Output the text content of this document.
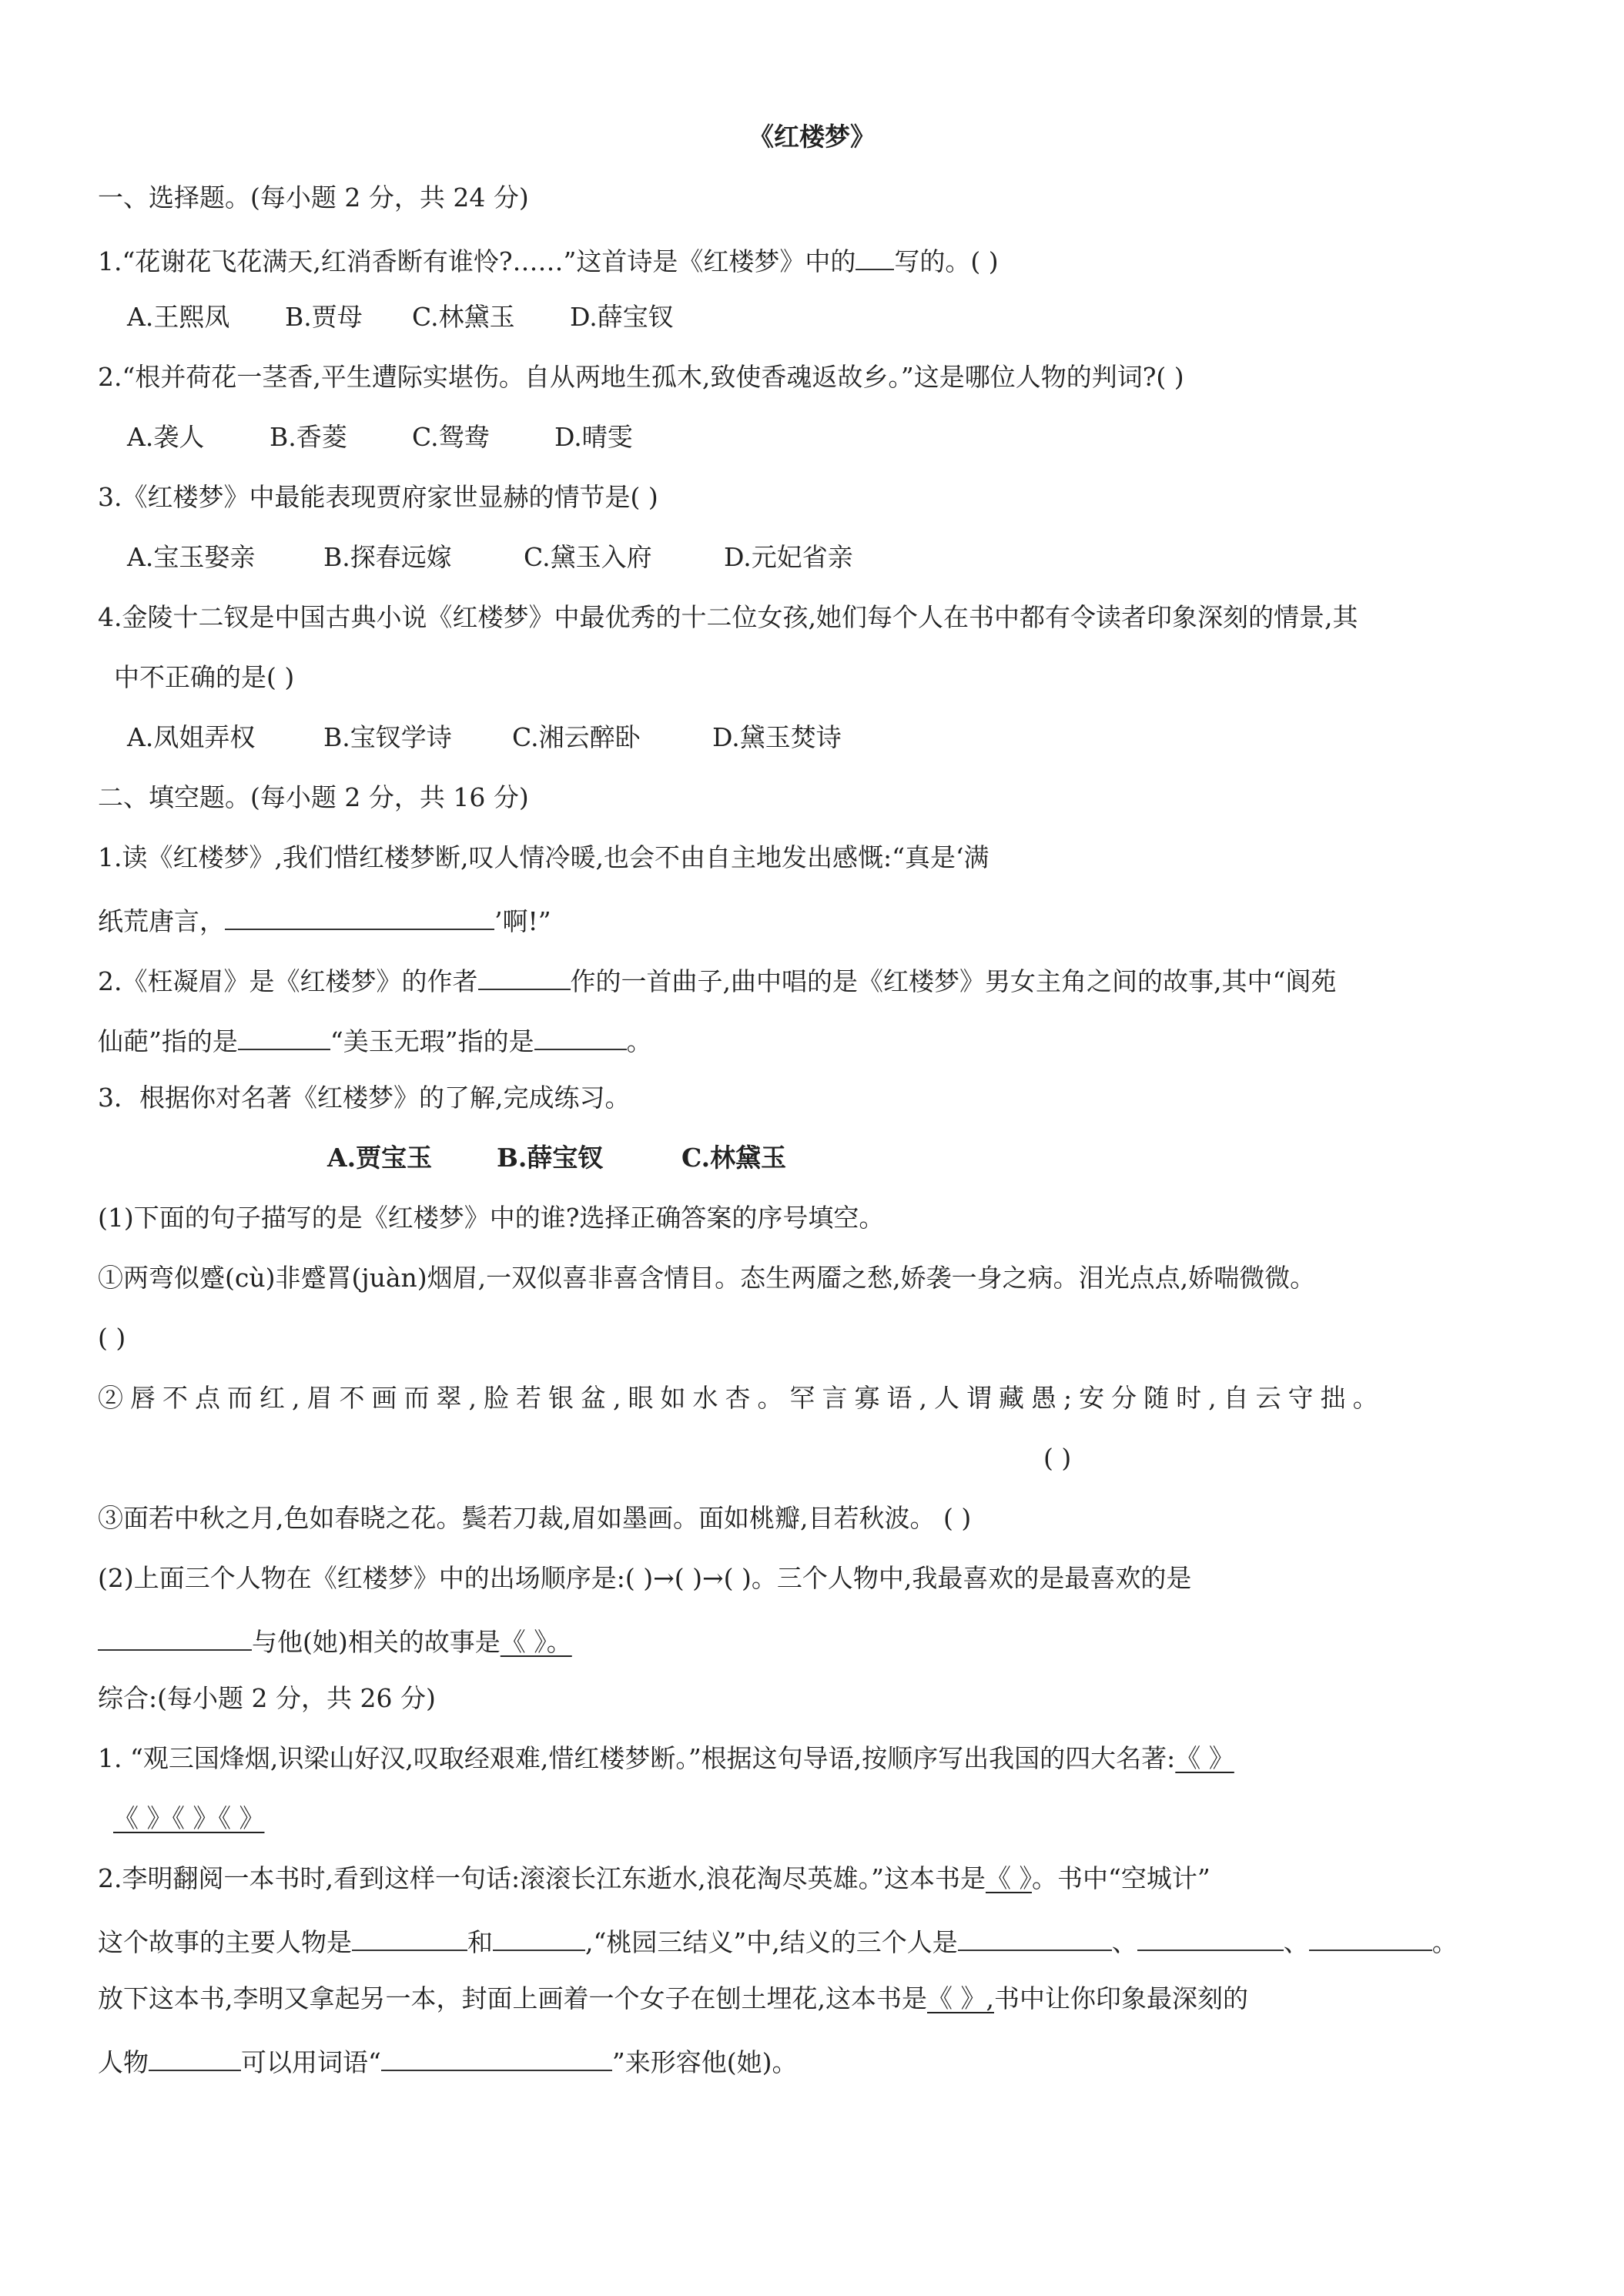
《红楼梦》
一、选择题。(每小题 2 分，共 24 分)
1.“花谢花飞花满天,红消香断有谁怜?……”这首诗是《红楼梦》中的 写的。( )
A.王熙凤 B.贾母 C.林黛玉 D.薛宝钗
2.“根并荷花一茎香,平生遭际实堪伤。自从两地生孤木,致使香魂返故乡。”这是哪位人物的判词?( )
A.袭人	B.香菱	C.鸳鸯	D.晴雯
3.《红楼梦》中最能表现贾府家世显赫的情节是( )
A.宝玉娶亲	B.探春远嫁	C.黛玉入府	D.元妃省亲
4.金陵十二钗是中国古典小说《红楼梦》中最优秀的十二位女孩,她们每个人在书中都有令读者印象深刻的情景,其
中不正确的是( )
A.凤姐弄权	B.宝钗学诗 C.湘云醉卧	D.黛玉焚诗
二、填空题。(每小题 2 分，共 16 分)
1.读《红楼梦》,我们惜红楼梦断,叹人情冷暖,也会不由自主地发出感慨:“真是‘满
纸荒唐言，	’啊!”
2.《枉凝眉》是《红楼梦》的作者	作的一首曲子,曲中唱的是《红楼梦》男女主角之间的故事,其中“阆苑
仙葩”指的是	“美玉无瑕”指的是	。
3．根据你对名著《红楼梦》的了解,完成练习。
A.贾宝玉	B.薛宝钗	C.林黛玉
(1)下面的句子描写的是《红楼梦》中的谁?选择正确答案的序号填空。
①两弯似蹙(cù)非蹙罥(juàn)烟眉,一双似喜非喜含情目。态生两靥之愁,娇袭一身之病。泪光点点,娇喘微微。
( )
②唇不点而红,眉不画而翠,脸若银盆,眼如水杏。罕言寡语,人谓藏愚;安分随时,自云守拙。
( )
③面若中秋之月,色如春晓之花。鬓若刀裁,眉如墨画。面如桃瓣,目若秋波。 ( )
(2)上面三个人物在《红楼梦》中的出场顺序是:( )→( )→( )。三个人物中,我最喜欢的是最喜欢的是
与他(她)相关的故事是《 》。
综合:(每小题 2 分，共 26 分)
1. “观三国烽烟,识梁山好汉,叹取经艰难,惜红楼梦断。”根据这句导语,按顺序写出我国的四大名著:《 》
《 》《 》《 》
2.李明翻阅一本书时,看到这样一句话:滚滚长江东逝水,浪花淘尽英雄。”这本书是《 》。书中“空城计”
这个故事的主要人物是	和	,“桃园三结义”中,结义的三个人是	、	、	。
放下这本书,李明又拿起另一本，封面上画着一个女子在刨土埋花,这本书是《 》,书中让你印象最深刻的
人物	可以用词语“	”来形容他(她)。
